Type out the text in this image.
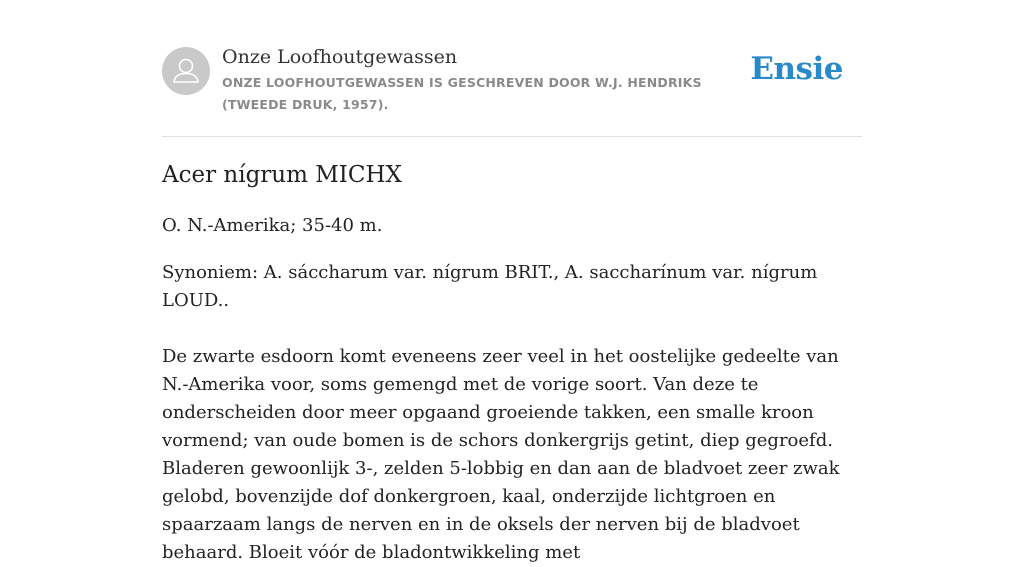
Onze Loofhoutgewassen
ONZE LOOFHOUTGEWASSEN IS GESCHREVEN DOOR W.J. HENDRIKS (TWEEDE DRUK, 1957).
Ensie
Acer nígrum MICHX

O. N.-Amerika; 35-40 m.

Synoniem: A. sáccharum var. nígrum BRIT., A. saccharínum var. nígrum LOUD..

De zwarte esdoorn komt eveneens zeer veel in het oostelijke gedeelte van N.-Amerika voor, soms gemengd met de vorige soort. Van deze te onderscheiden door meer opgaand groeiende takken, een smalle kroon vormend; van oude bomen is de schors donkergrijs getint, diep gegroefd. Bladeren gewoonlijk 3-, zelden 5-lobbig en dan aan de bladvoet zeer zwak gelobd, bovenzijde dof donkergroen, kaal, onderzijde lichtgroen en spaarzaam langs de nerven en in de oksels der nerven bij de bladvoet behaard. Bloeit vóór de bladontwikkeling met
